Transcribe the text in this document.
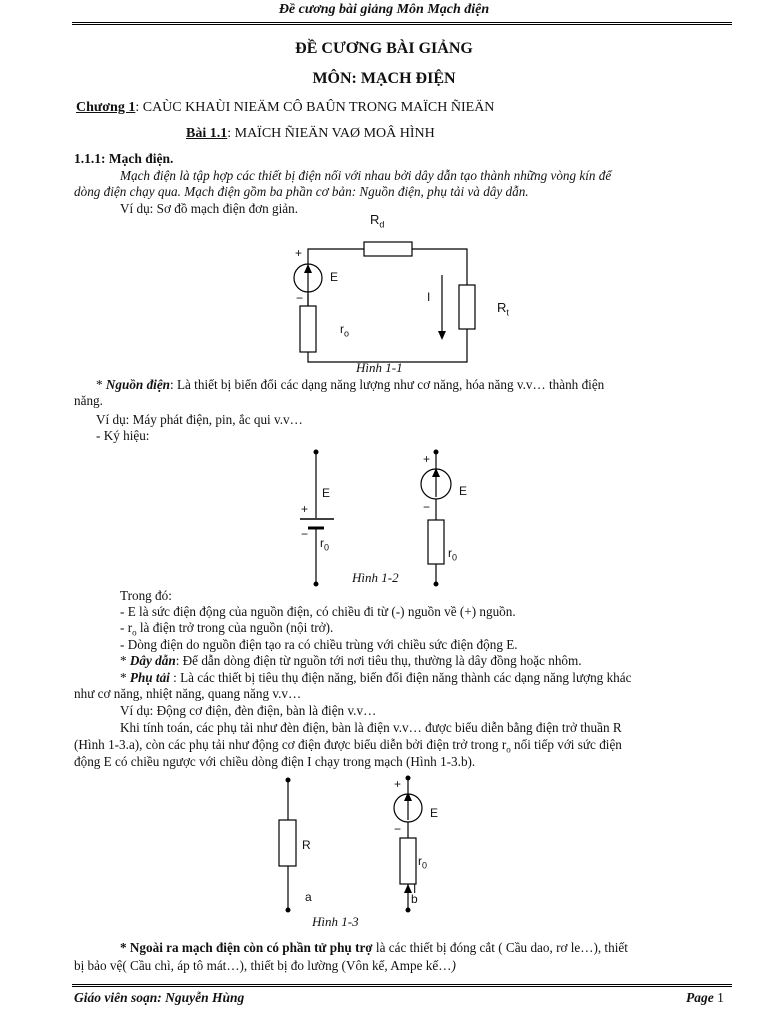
Đề cương bài giảng Môn Mạch điện
ĐỀ CƯƠNG BÀI GIẢNG
MÔN: MẠCH ĐIỆN
Chương 1: CAÙC KHAÙI NIEÄM CÔ BAÛN TRONG MAÏCH ÑIEÄN
Bài 1.1: MAÏCH ÑIEÄN VAØ MOÂ HÌNH
1.1.1: Mạch điện.
Mạch điện là tập hợp các thiết bị điện nối với nhau bởi dây dẫn tạo thành những vòng kín để
dòng điện chạy qua. Mạch điện gồm ba phần cơ bản: Nguồn điện, phụ tải và dây dẫn.
Ví dụ: Sơ đồ mạch điện đơn giản.
$R_d$
+
E
−	I
$R_t$
$r_o$
Hình 1-1
* Nguồn điện: Là thiết bị biến đổi các dạng năng lượng như cơ năng, hóa năng v.v… thành điện
năng.
Ví dụ: Máy phát điện, pin, ắc qui v.v…
- Ký hiệu:
E
+
−
$r_0$
+
E
−
$r_0$
Hình 1-2
Trong đó:
- E là sức điện động của nguồn điện, có chiều đi từ (-) nguồn về (+) nguồn.
- $r_o$ là điện trở trong của nguồn (nội trở).
- Dòng điện do nguồn điện tạo ra có chiều trùng với chiều sức điện động E.
* Dây dẫn: Để dẫn dòng điện từ nguồn tới nơi tiêu thụ, thường là dây đồng hoặc nhôm.
* Phụ tải : Là các thiết bị tiêu thụ điện năng, biến đổi điện năng thành các dạng năng lượng khác
như cơ năng, nhiệt năng, quang năng v.v…
Ví dụ: Động cơ điện, đèn điện, bàn là điện v.v…
Khi tính toán, các phụ tải như đèn điện, bàn là điện v.v… được biểu diễn bằng điện trở thuần R
(Hình 1-3.a), còn các phụ tải như động cơ điện được biểu diễn bởi điện trở trong $r_o$ nối tiếp với sức điện
động E có chiều ngược với chiều dòng điện I chạy trong mạch (Hình 1-3.b).
R
a
+
E
−
$r_0$
I
b
Hình 1-3
* Ngoài ra mạch điện còn có phần tử phụ trợ là các thiết bị đóng cắt ( Cầu dao, rơ le…), thiết
bị bảo vệ( Cầu chì, áp tô mát…), thiết bị đo lường (Vôn kế, Ampe kế…)
Giáo viên soạn: Nguyễn Hùng	Page 1
